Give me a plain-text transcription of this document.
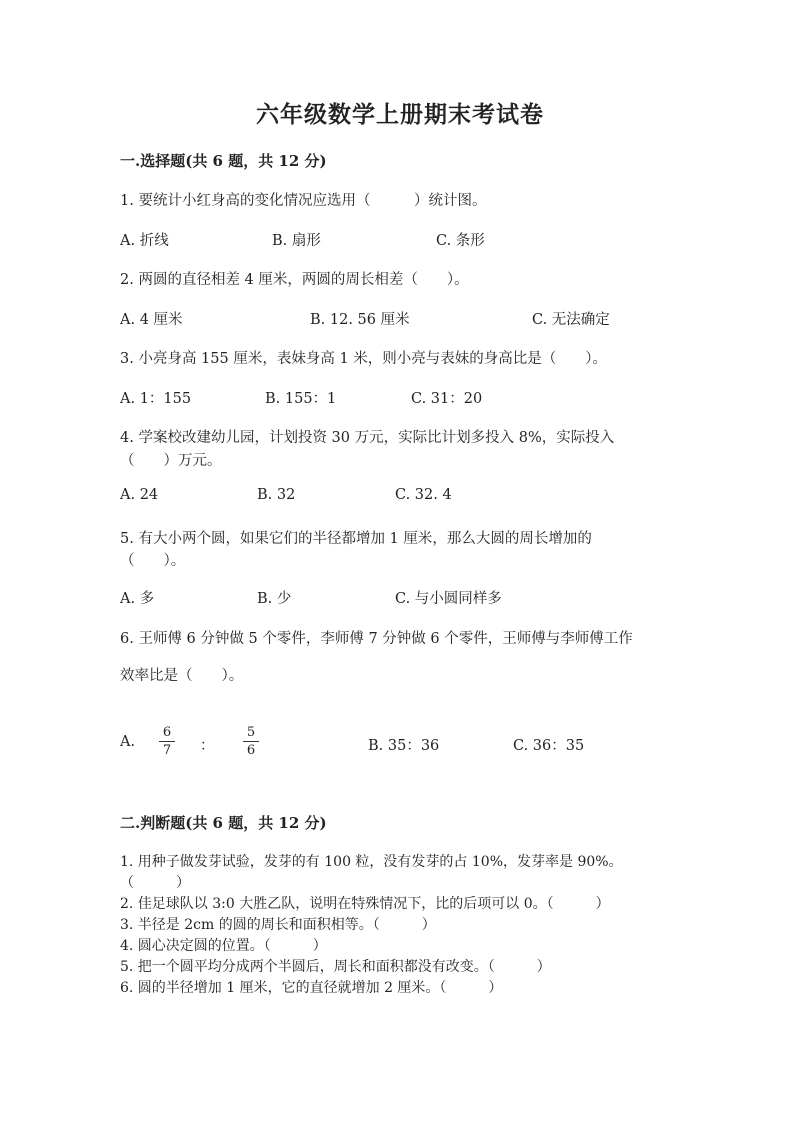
六年级数学上册期末考试卷
一.选择题(共 6 题，共 12 分)
1. 要统计小红身高的变化情况应选用（　　　）统计图。
A. 折线	B. 扇形	C. 条形
2. 两圆的直径相差 4 厘米，两圆的周长相差（　　）。
A. 4 厘米	B. 12. 56 厘米	C. 无法确定
3. 小亮身高 155 厘米，表妹身高 1 米，则小亮与表妹的身高比是（　　）。
A. 1：155	B. 155：1	C. 31：20
4. 学案校改建幼儿园，计划投资 30 万元，实际比计划多投入 8%，实际投入
（　　）万元。
A. 24	B. 32	C. 32. 4
5. 有大小两个圆，如果它们的半径都增加 1 厘米，那么大圆的周长增加的
（　　）。
A. 多	B. 少	C. 与小圆同样多
6. 王师傅 6 分钟做 5 个零件，李师傅 7 分钟做 6 个零件，王师傅与李师傅工作
效率比是（　　）。
A.
6
7 ：
5
6	B. 35：36	C. 36：35
二.判断题(共 6 题，共 12 分)
1. 用种子做发芽试验，发芽的有 100 粒，没有发芽的占 10%，发芽率是 90%。
（　　　）
2. 佳足球队以 3:0 大胜乙队，说明在特殊情况下，比的后项可以 0。（　　　）
3. 半径是 2cm 的圆的周长和面积相等。（　　　）
4. 圆心决定圆的位置。（　　　）
5. 把一个圆平均分成两个半圆后，周长和面积都没有改变。（　　　）
6. 圆的半径增加 1 厘米，它的直径就增加 2 厘米。（　　　）
